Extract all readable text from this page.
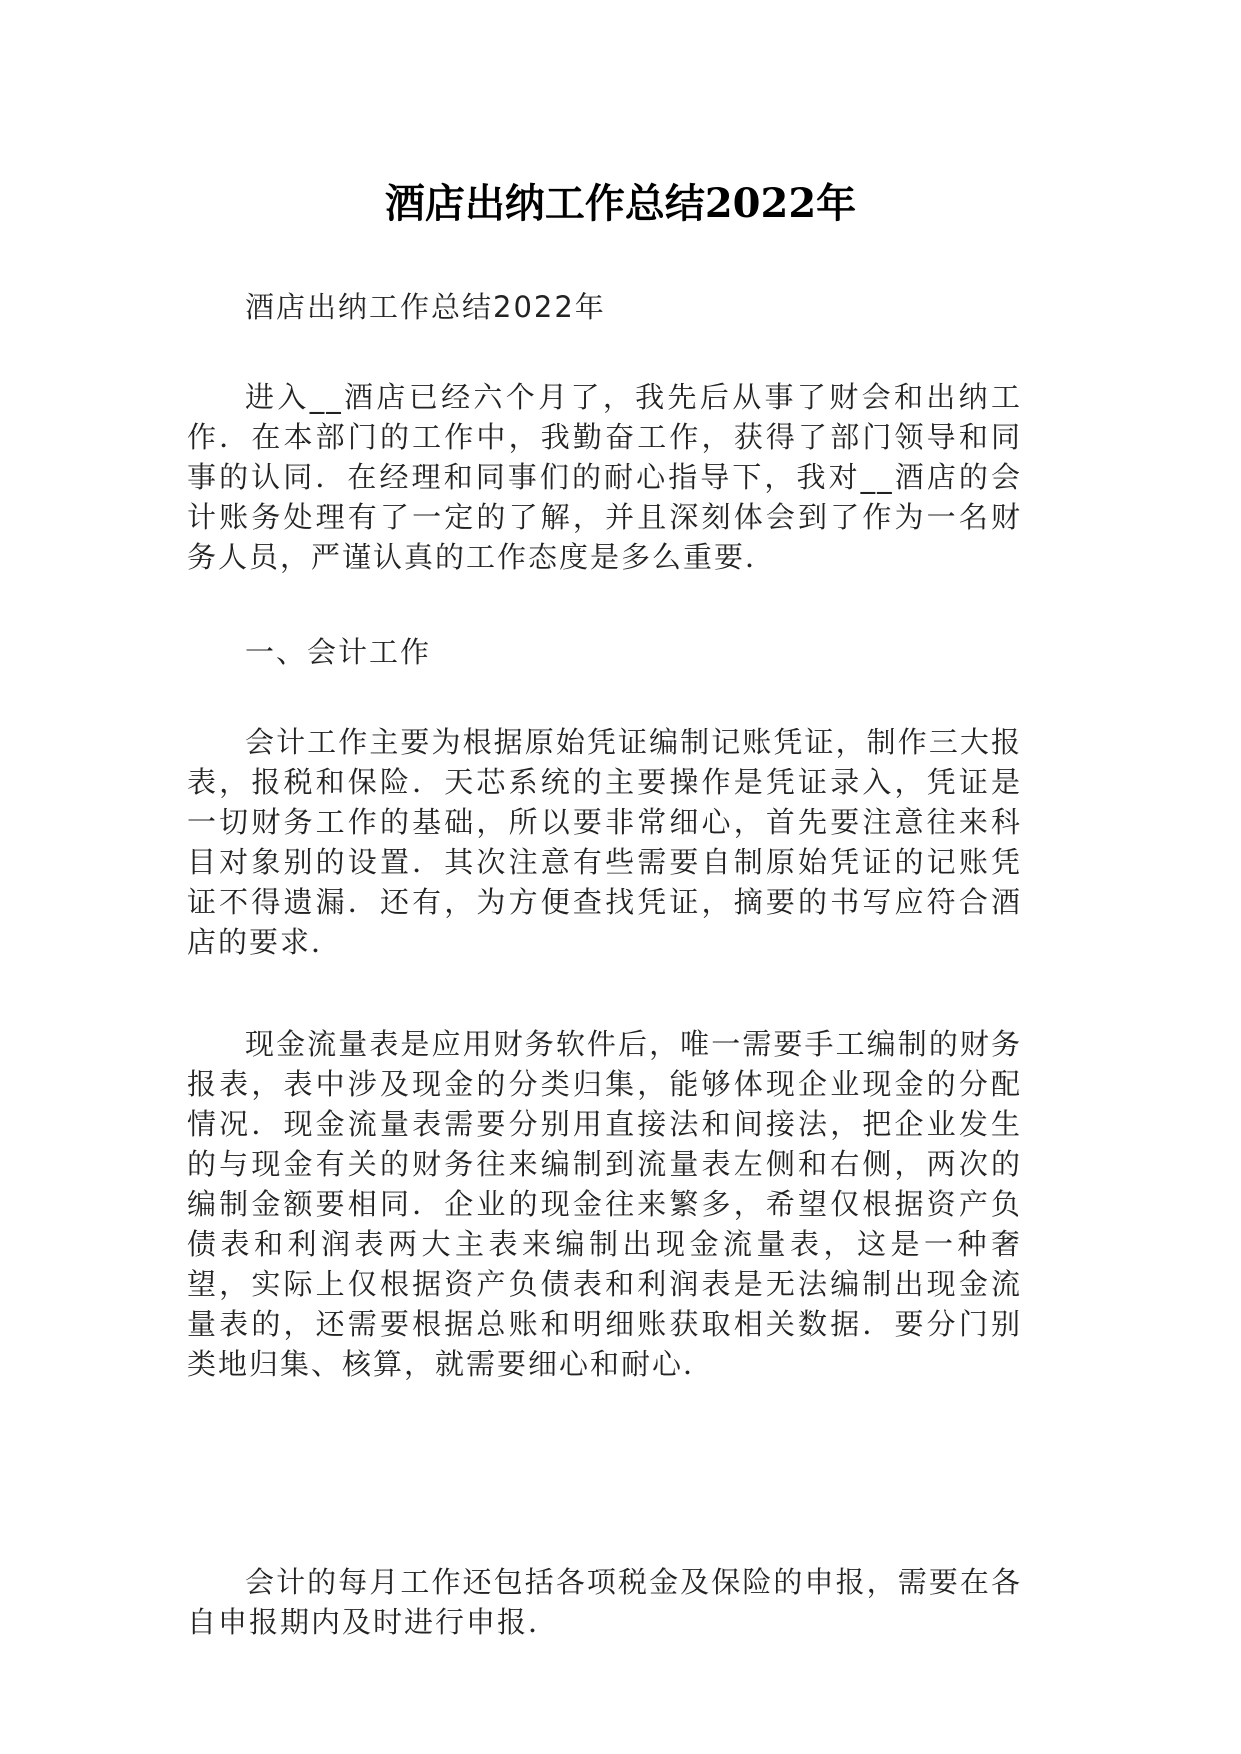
酒店出纳工作总结2022年

酒店出纳工作总结2022年

进入__酒店已经六个月了，我先后从事了财会和出纳工作．在本部门的工作中，我勤奋工作，获得了部门领导和同事的认同．在经理和同事们的耐心指导下，我对__酒店的会计账务处理有了一定的了解，并且深刻体会到了作为一名财务人员，严谨认真的工作态度是多么重要．

一、会计工作

会计工作主要为根据原始凭证编制记账凭证，制作三大报表，报税和保险．天芯系统的主要操作是凭证录入，凭证是一切财务工作的基础，所以要非常细心，首先要注意往来科目对象别的设置．其次注意有些需要自制原始凭证的记账凭证不得遗漏．还有，为方便查找凭证，摘要的书写应符合酒店的要求．

现金流量表是应用财务软件后，唯一需要手工编制的财务报表，表中涉及现金的分类归集，能够体现企业现金的分配情况．现金流量表需要分别用直接法和间接法，把企业发生的与现金有关的财务往来编制到流量表左侧和右侧，两次的编制金额要相同．企业的现金往来繁多，希望仅根据资产负债表和利润表两大主表来编制出现金流量表，这是一种奢望，实际上仅根据资产负债表和利润表是无法编制出现金流量表的，还需要根据总账和明细账获取相关数据．要分门别类地归集、核算，就需要细心和耐心．

会计的每月工作还包括各项税金及保险的申报，需要在各自申报期内及时进行申报．
